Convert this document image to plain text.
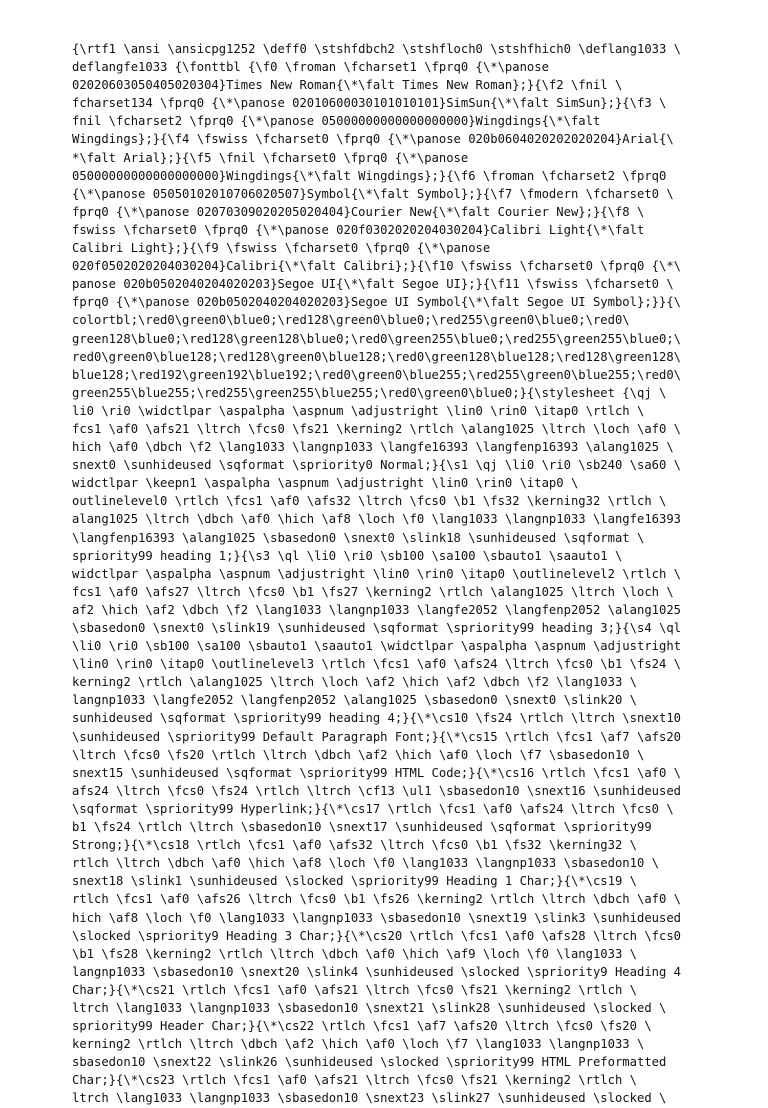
{\rtf1 \ansi \ansicpg1252 \deff0 \stshfdbch2 \stshfloch0 \stshfhich0 \deflang1033 \
deflangfe1033 {\fonttbl {\f0 \froman \fcharset1 \fprq0 {\*\panose
02020603050405020304}Times New Roman{\*\falt Times New Roman};}{\f2 \fnil \
fcharset134 \fprq0 {\*\panose 02010600030101010101}SimSun{\*\falt SimSun};}{\f3 \
fnil \fcharset2 \fprq0 {\*\panose 05000000000000000000}Wingdings{\*\falt
Wingdings};}{\f4 \fswiss \fcharset0 \fprq0 {\*\panose 020b0604020202020204}Arial{\
*\falt Arial};}{\f5 \fnil \fcharset0 \fprq0 {\*\panose
05000000000000000000}Wingdings{\*\falt Wingdings};}{\f6 \froman \fcharset2 \fprq0
{\*\panose 05050102010706020507}Symbol{\*\falt Symbol};}{\f7 \fmodern \fcharset0 \
fprq0 {\*\panose 02070309020205020404}Courier New{\*\falt Courier New};}{\f8 \
fswiss \fcharset0 \fprq0 {\*\panose 020f0302020204030204}Calibri Light{\*\falt
Calibri Light};}{\f9 \fswiss \fcharset0 \fprq0 {\*\panose
020f0502020204030204}Calibri{\*\falt Calibri};}{\f10 \fswiss \fcharset0 \fprq0 {\*\
panose 020b0502040204020203}Segoe UI{\*\falt Segoe UI};}{\f11 \fswiss \fcharset0 \
fprq0 {\*\panose 020b0502040204020203}Segoe UI Symbol{\*\falt Segoe UI Symbol};}}{\
colortbl;\red0\green0\blue0;\red128\green0\blue0;\red255\green0\blue0;\red0\
green128\blue0;\red128\green128\blue0;\red0\green255\blue0;\red255\green255\blue0;\
red0\green0\blue128;\red128\green0\blue128;\red0\green128\blue128;\red128\green128\
blue128;\red192\green192\blue192;\red0\green0\blue255;\red255\green0\blue255;\red0\
green255\blue255;\red255\green255\blue255;\red0\green0\blue0;}{\stylesheet {\qj \
li0 \ri0 \widctlpar \aspalpha \aspnum \adjustright \lin0 \rin0 \itap0 \rtlch \
fcs1 \af0 \afs21 \ltrch \fcs0 \fs21 \kerning2 \rtlch \alang1025 \ltrch \loch \af0 \
hich \af0 \dbch \f2 \lang1033 \langnp1033 \langfe16393 \langfenp16393 \alang1025 \
snext0 \sunhideused \sqformat \spriority0 Normal;}{\s1 \qj \li0 \ri0 \sb240 \sa60 \
widctlpar \keepn1 \aspalpha \aspnum \adjustright \lin0 \rin0 \itap0 \
outlinelevel0 \rtlch \fcs1 \af0 \afs32 \ltrch \fcs0 \b1 \fs32 \kerning32 \rtlch \
alang1025 \ltrch \dbch \af0 \hich \af8 \loch \f0 \lang1033 \langnp1033 \langfe16393
\langfenp16393 \alang1025 \sbasedon0 \snext0 \slink18 \sunhideused \sqformat \
spriority99 heading 1;}{\s3 \ql \li0 \ri0 \sb100 \sa100 \sbauto1 \saauto1 \
widctlpar \aspalpha \aspnum \adjustright \lin0 \rin0 \itap0 \outlinelevel2 \rtlch \
fcs1 \af0 \afs27 \ltrch \fcs0 \b1 \fs27 \kerning2 \rtlch \alang1025 \ltrch \loch \
af2 \hich \af2 \dbch \f2 \lang1033 \langnp1033 \langfe2052 \langfenp2052 \alang1025
\sbasedon0 \snext0 \slink19 \sunhideused \sqformat \spriority99 heading 3;}{\s4 \ql
\li0 \ri0 \sb100 \sa100 \sbauto1 \saauto1 \widctlpar \aspalpha \aspnum \adjustright
\lin0 \rin0 \itap0 \outlinelevel3 \rtlch \fcs1 \af0 \afs24 \ltrch \fcs0 \b1 \fs24 \
kerning2 \rtlch \alang1025 \ltrch \loch \af2 \hich \af2 \dbch \f2 \lang1033 \
langnp1033 \langfe2052 \langfenp2052 \alang1025 \sbasedon0 \snext0 \slink20 \
sunhideused \sqformat \spriority99 heading 4;}{\*\cs10 \fs24 \rtlch \ltrch \snext10
\sunhideused \spriority99 Default Paragraph Font;}{\*\cs15 \rtlch \fcs1 \af7 \afs20
\ltrch \fcs0 \fs20 \rtlch \ltrch \dbch \af2 \hich \af0 \loch \f7 \sbasedon10 \
snext15 \sunhideused \sqformat \spriority99 HTML Code;}{\*\cs16 \rtlch \fcs1 \af0 \
afs24 \ltrch \fcs0 \fs24 \rtlch \ltrch \cf13 \ul1 \sbasedon10 \snext16 \sunhideused
\sqformat \spriority99 Hyperlink;}{\*\cs17 \rtlch \fcs1 \af0 \afs24 \ltrch \fcs0 \
b1 \fs24 \rtlch \ltrch \sbasedon10 \snext17 \sunhideused \sqformat \spriority99
Strong;}{\*\cs18 \rtlch \fcs1 \af0 \afs32 \ltrch \fcs0 \b1 \fs32 \kerning32 \
rtlch \ltrch \dbch \af0 \hich \af8 \loch \f0 \lang1033 \langnp1033 \sbasedon10 \
snext18 \slink1 \sunhideused \slocked \spriority99 Heading 1 Char;}{\*\cs19 \
rtlch \fcs1 \af0 \afs26 \ltrch \fcs0 \b1 \fs26 \kerning2 \rtlch \ltrch \dbch \af0 \
hich \af8 \loch \f0 \lang1033 \langnp1033 \sbasedon10 \snext19 \slink3 \sunhideused
\slocked \spriority9 Heading 3 Char;}{\*\cs20 \rtlch \fcs1 \af0 \afs28 \ltrch \fcs0
\b1 \fs28 \kerning2 \rtlch \ltrch \dbch \af0 \hich \af9 \loch \f0 \lang1033 \
langnp1033 \sbasedon10 \snext20 \slink4 \sunhideused \slocked \spriority9 Heading 4
Char;}{\*\cs21 \rtlch \fcs1 \af0 \afs21 \ltrch \fcs0 \fs21 \kerning2 \rtlch \
ltrch \lang1033 \langnp1033 \sbasedon10 \snext21 \slink28 \sunhideused \slocked \
spriority99 Header Char;}{\*\cs22 \rtlch \fcs1 \af7 \afs20 \ltrch \fcs0 \fs20 \
kerning2 \rtlch \ltrch \dbch \af2 \hich \af0 \loch \f7 \lang1033 \langnp1033 \
sbasedon10 \snext22 \slink26 \sunhideused \slocked \spriority99 HTML Preformatted
Char;}{\*\cs23 \rtlch \fcs1 \af0 \afs21 \ltrch \fcs0 \fs21 \kerning2 \rtlch \
ltrch \lang1033 \langnp1033 \sbasedon10 \snext23 \slink27 \sunhideused \slocked \
